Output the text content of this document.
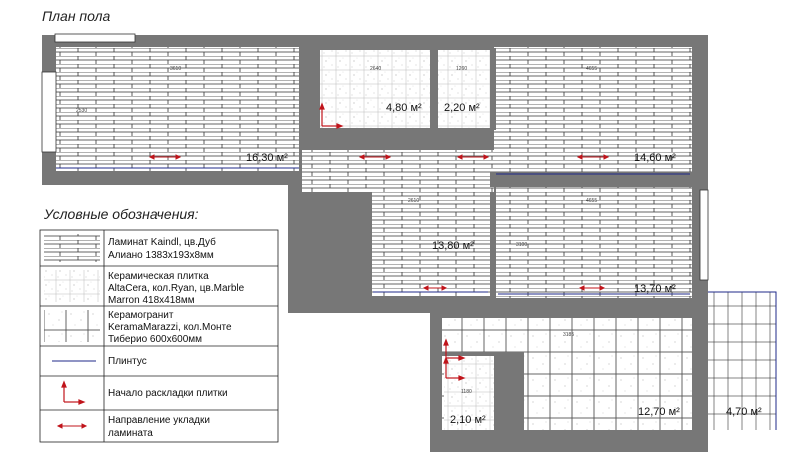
План пола
Условные обозначения:
16,30 м²
4,80 м² 2,20 м²
14,60 м²
13,80 м²
13,70 м²
12,70 м²
2,10 м²
4,70 м²
3610	2640	1260	4655
2610	4655
3185
1180
2530
3100
Ламинат Kaindl, цв.Дуб Алиано 1383х193х8мм
Керамическая плитка AltaCera, кол.Ryan, цв.Marble Marron 418х418мм
Керамогранит KeramaMarazzi, кол.Монте Тиберио 600х600мм
Плинтус
Начало раскладки плитки
Направление укладки ламината
